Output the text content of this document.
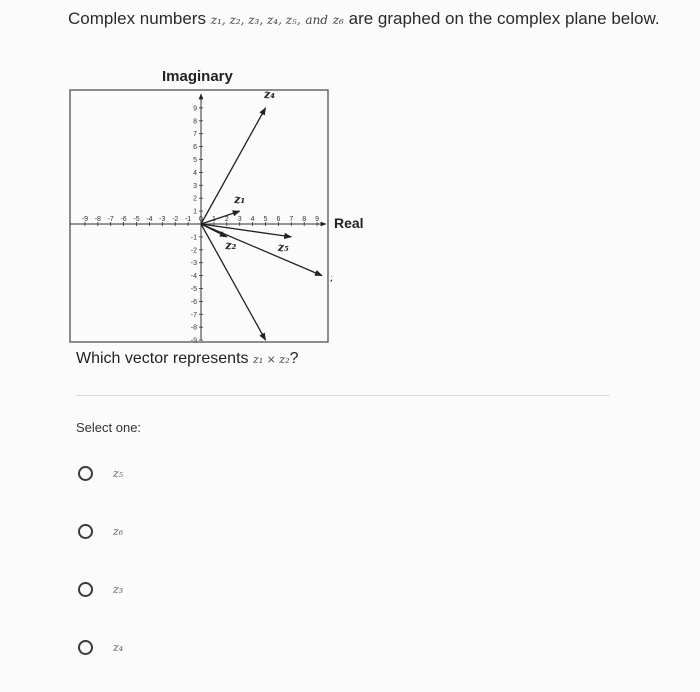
Complex numbers z₁, z₂, z₃, z₄, z₅, and z₆ are graphed on the complex plane below.
Imaginary
-9 -8 -7 -6 -5 -4 -3 -2 -1 0	2 3 4 5 6 7 8 9
9
8
7
6
5
4
3
2
1
-1
-2
-3
-4
-5
-6
-7
-8
-9
z₁
z₂
z₄
z₅
Real
Which vector represents z₁ × z₂?
Select one:
z₅
z₆
z₃
z₄
